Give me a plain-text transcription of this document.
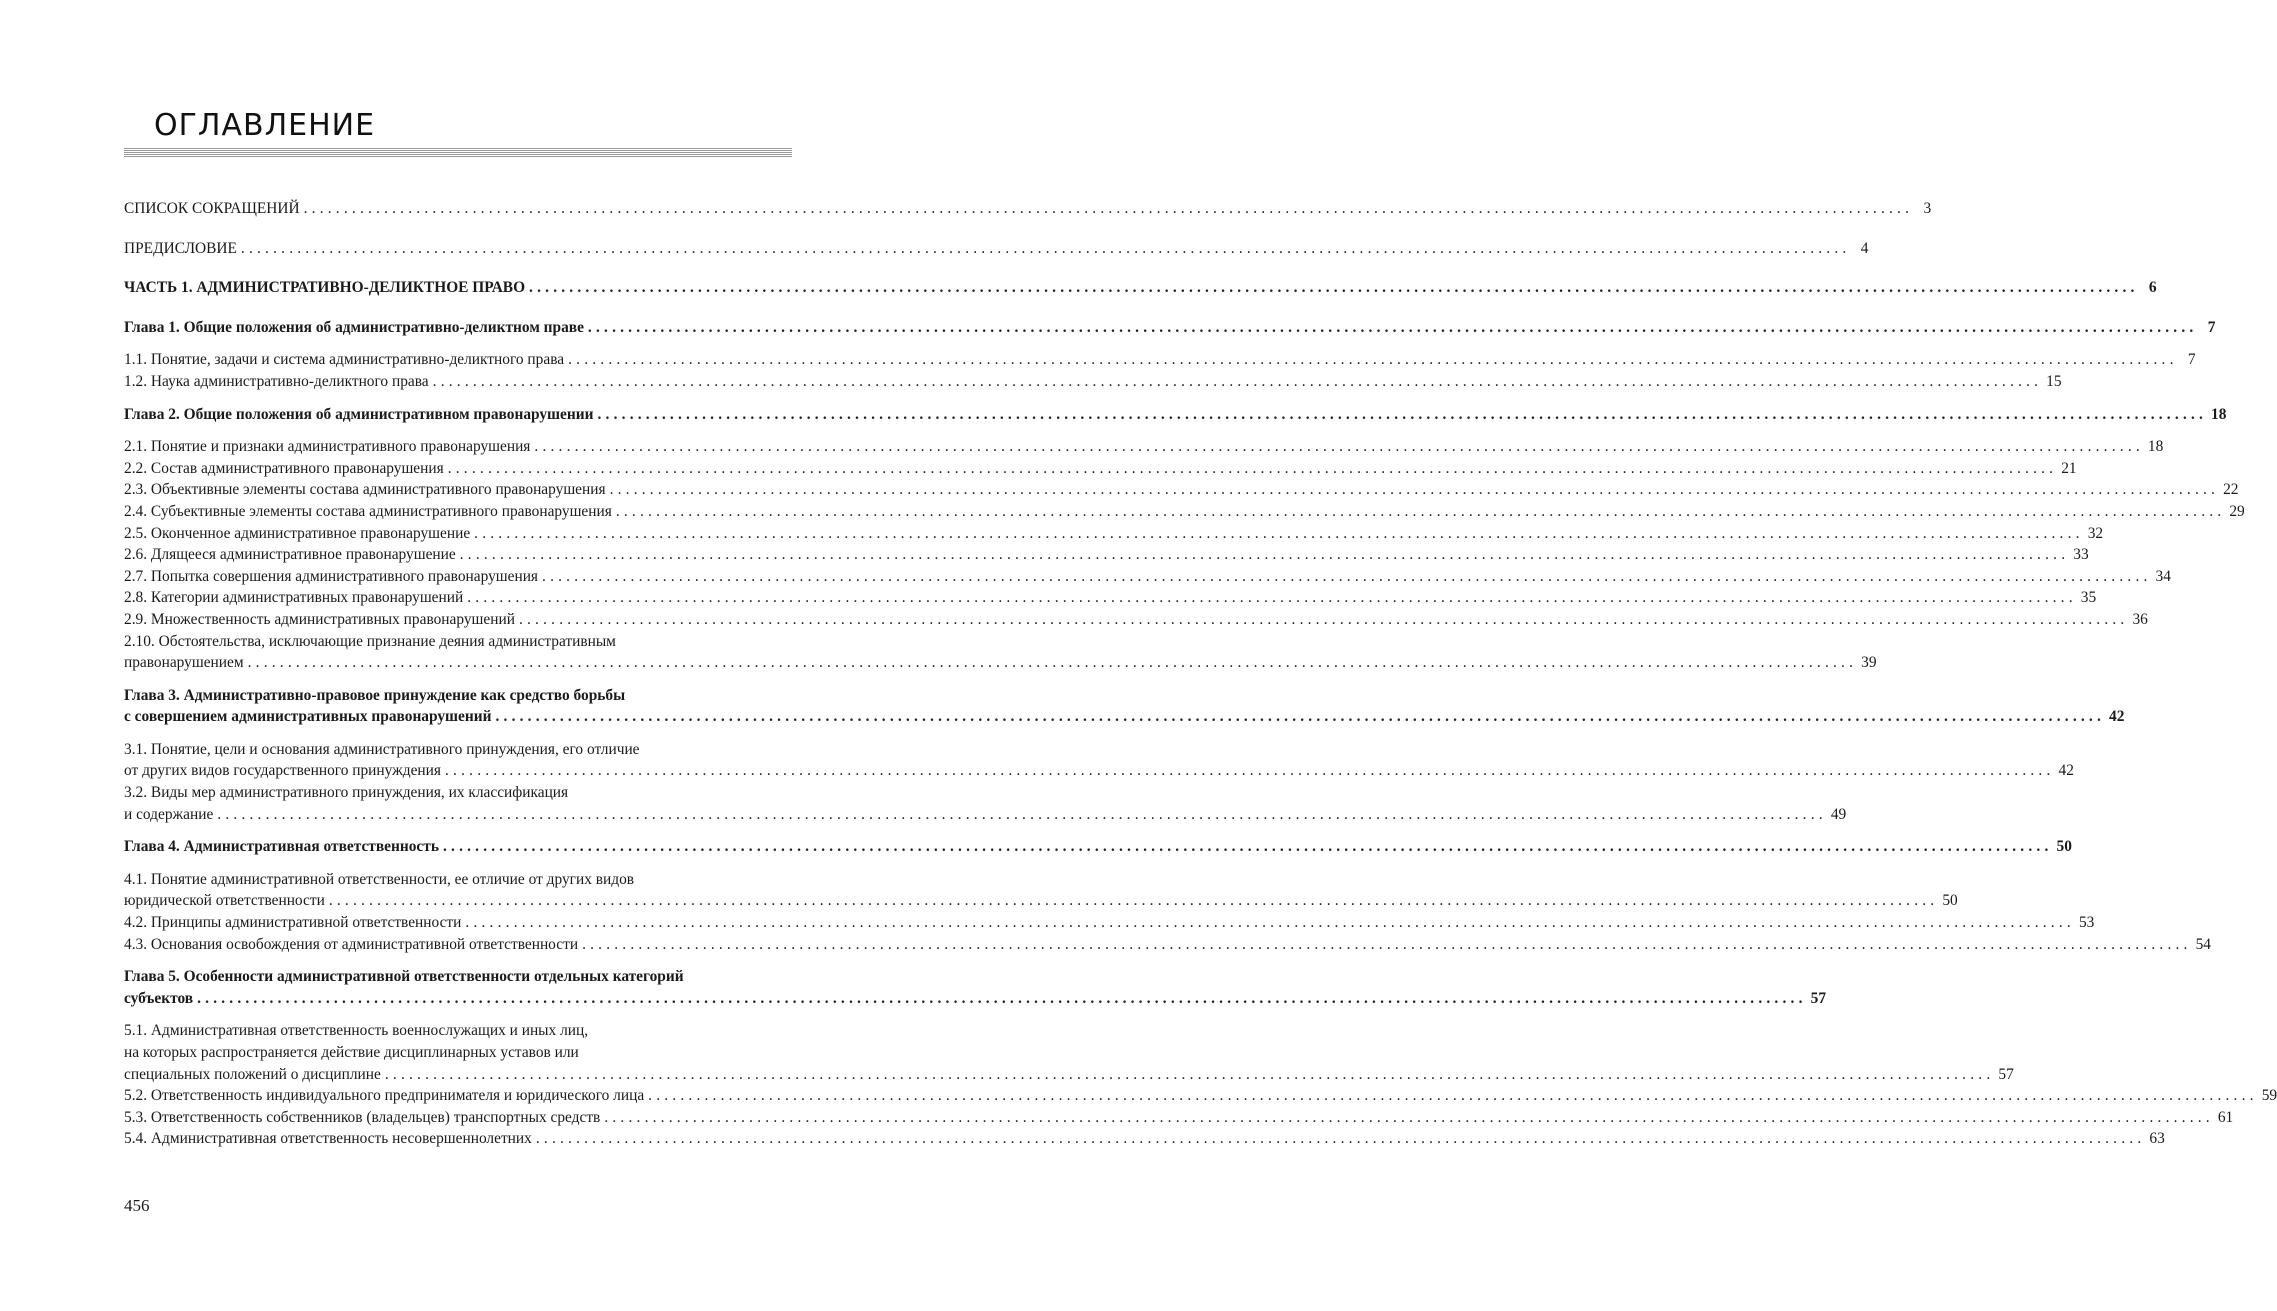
ОГЛАВЛЕНИЕ
СПИСОК СОКРАЩЕНИЙ ........................................................................................................................................................................................................ 3
ПРЕДИСЛОВИЕ ........................................................................................................................................................................................................ 4
ЧАСТЬ 1. АДМИНИСТРАТИВНО-ДЕЛИКТНОЕ ПРАВО ........................................................................................................................................................................................................ 6
Глава 1. Общие положения об административно-деликтном праве ........................................................................................................................................................................................................ 7
1.1. Понятие, задачи и система административно-деликтного права ........................................................................................................................................................................................................ 7
1.2. Наука административно-деликтного права ........................................................................................................................................................................................................ 15
Глава 2. Общие положения об административном правонарушении ........................................................................................................................................................................................................ 18
2.1. Понятие и признаки административного правонарушения ........................................................................................................................................................................................................ 18
2.2. Состав административного правонарушения ........................................................................................................................................................................................................ 21
2.3. Объективные элементы состава административного правонарушения ........................................................................................................................................................................................................ 22
2.4. Субъективные элементы состава административного правонарушения ........................................................................................................................................................................................................ 29
2.5. Оконченное административное правонарушение ........................................................................................................................................................................................................ 32
2.6. Длящееся административное правонарушение ........................................................................................................................................................................................................ 33
2.7. Попытка совершения административного правонарушения ........................................................................................................................................................................................................ 34
2.8. Категории административных правонарушений ........................................................................................................................................................................................................ 35
2.9. Множественность административных правонарушений ........................................................................................................................................................................................................ 36
2.10. Обстоятельства, исключающие признание деяния административным
правонарушением ........................................................................................................................................................................................................ 39
Глава 3. Административно-правовое принуждение как средство борьбы
с совершением административных правонарушений ........................................................................................................................................................................................................ 42
3.1. Понятие, цели и основания административного принуждения, его отличие
от других видов государственного принуждения ........................................................................................................................................................................................................ 42
3.2. Виды мер административного принуждения, их классификация
и содержание ........................................................................................................................................................................................................ 49
Глава 4. Административная ответственность ........................................................................................................................................................................................................ 50
4.1. Понятие административной ответственности, ее отличие от других видов
юридической ответственности ........................................................................................................................................................................................................ 50
4.2. Принципы административной ответственности ........................................................................................................................................................................................................ 53
4.3. Основания освобождения от административной ответственности ........................................................................................................................................................................................................ 54
Глава 5. Особенности административной ответственности отдельных категорий
субъектов ........................................................................................................................................................................................................ 57
5.1. Административная ответственность военнослужащих и иных лиц,
на которых распространяется действие дисциплинарных уставов или
специальных положений о дисциплине ........................................................................................................................................................................................................ 57
5.2. Ответственность индивидуального предпринимателя и юридического лица ........................................................................................................................................................................................................ 59
5.3. Ответственность собственников (владельцев) транспортных средств ........................................................................................................................................................................................................ 61
5.4. Административная ответственность несовершеннолетних ........................................................................................................................................................................................................ 63

456
